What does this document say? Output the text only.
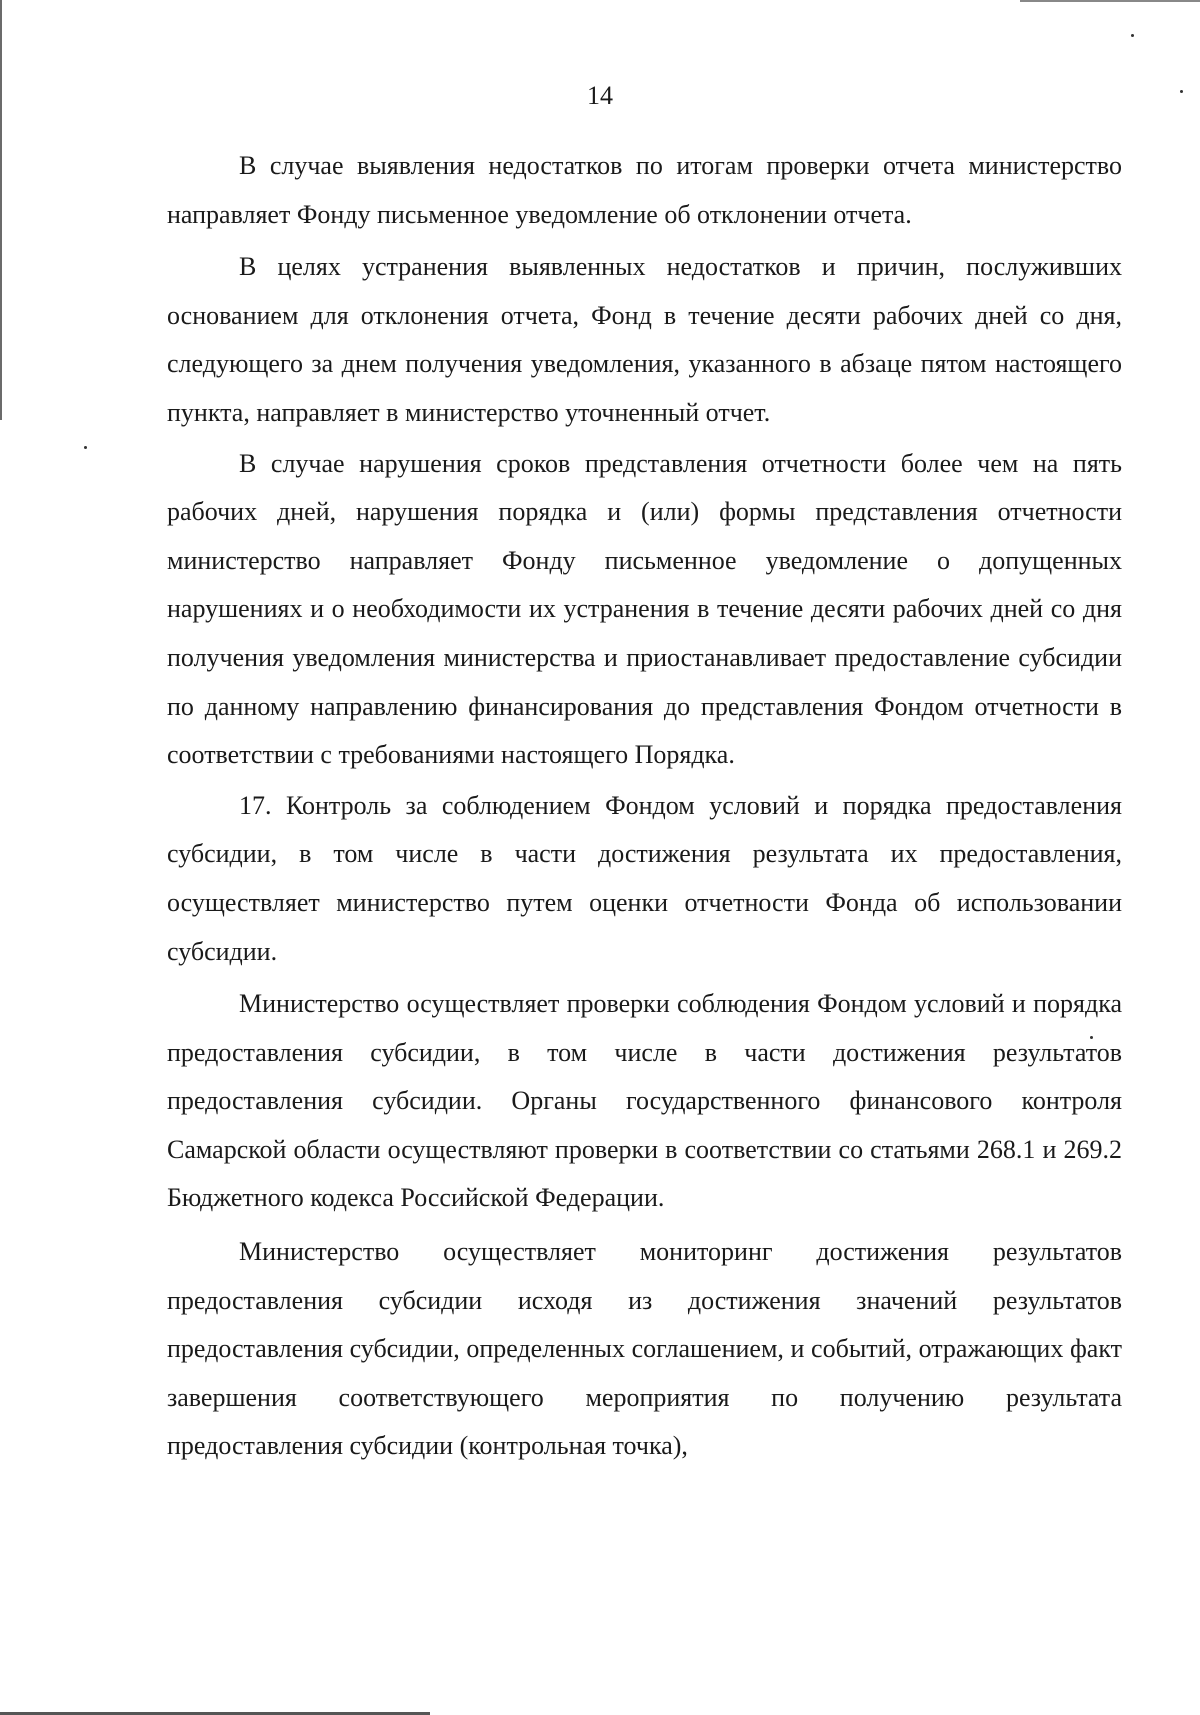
14

В случае выявления недостатков по итогам проверки отчета министерство направляет Фонду письменное уведомление об отклонении отчета.

В целях устранения выявленных недостатков и причин, послуживших основанием для отклонения отчета, Фонд в течение десяти рабочих дней со дня, следующего за днем получения уведомления, указанного в абзаце пятом настоящего пункта, направляет в министерство уточненный отчет.

В случае нарушения сроков представления отчетности более чем на пять рабочих дней, нарушения порядка и (или) формы представления отчетности министерство направляет Фонду письменное уведомление о допущенных нарушениях и о необходимости их устранения в течение десяти рабочих дней со дня получения уведомления министерства и приостанавливает предоставление субсидии по данному направлению финансирования до представления Фондом отчетности в соответствии с требованиями настоящего Порядка.

17. Контроль за соблюдением Фондом условий и порядка предоставления субсидии, в том числе в части достижения результата их предоставления, осуществляет министерство путем оценки отчетности Фонда об использовании субсидии.

Министерство осуществляет проверки соблюдения Фондом условий и порядка предоставления субсидии, в том числе в части достижения результатов предоставления субсидии. Органы государственного финансового контроля Самарской области осуществляют проверки в соответствии со статьями 268.1 и 269.2 Бюджетного кодекса Российской Федерации.

Министерство осуществляет мониторинг достижения результатов предоставления субсидии исходя из достижения значений результатов предоставления субсидии, определенных соглашением, и событий, отражающих факт завершения соответствующего мероприятия по получению результата предоставления субсидии (контрольная точка),
